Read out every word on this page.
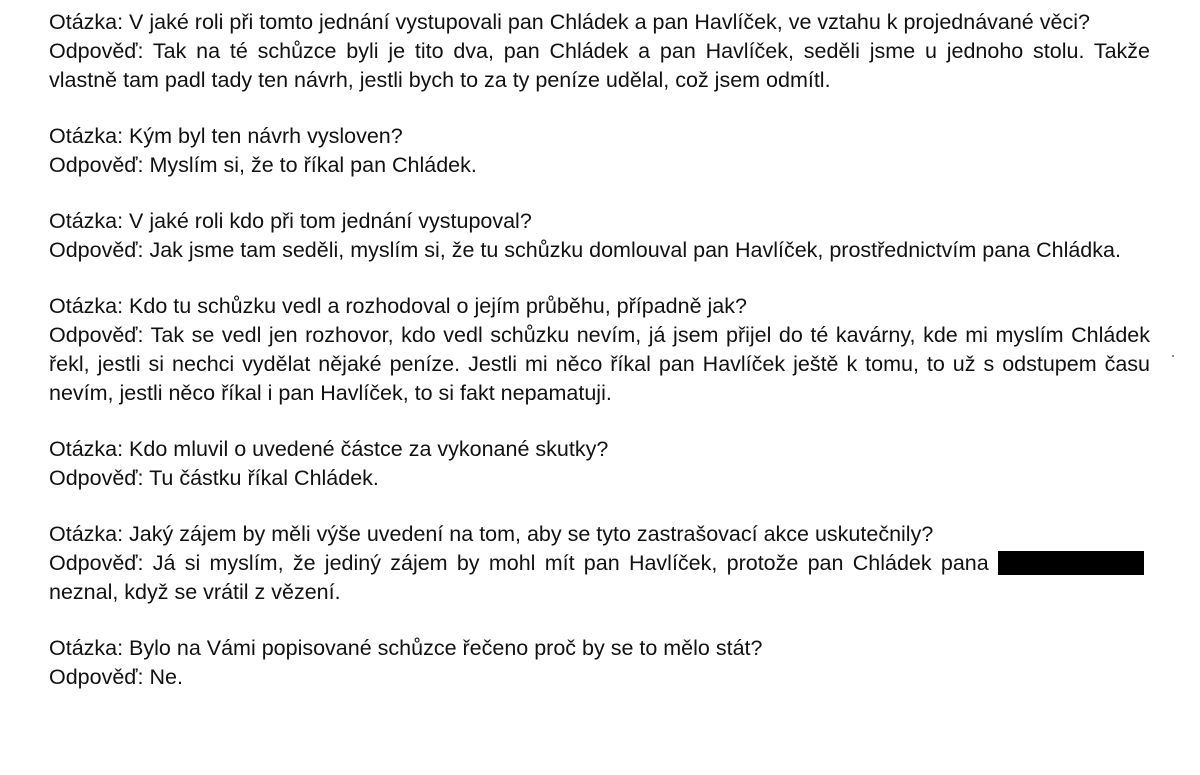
Otázka: V jaké roli při tomto jednání vystupovali pan Chládek a pan Havlíček, ve vztahu k projednávané věci?

Odpověď: Tak na té schůzce byli je tito dva, pan Chládek a pan Havlíček, seděli jsme u jednoho stolu. Takže vlastně tam padl tady ten návrh, jestli bych to za ty peníze udělal, což jsem odmítl.

Otázka: Kým byl ten návrh vysloven?

Odpověď: Myslím si, že to říkal pan Chládek.

Otázka: V jaké roli kdo při tom jednání vystupoval?

Odpověď: Jak jsme tam seděli, myslím si, že tu schůzku domlouval pan Havlíček, prostřednictvím pana Chládka.

Otázka: Kdo tu schůzku vedl a rozhodoval o jejím průběhu, případně jak?

Odpověď: Tak se vedl jen rozhovor, kdo vedl schůzku nevím, já jsem přijel do té kavárny, kde mi myslím Chládek řekl, jestli si nechci vydělat nějaké peníze. Jestli mi něco říkal pan Havlíček ještě k tomu, to už s odstupem času nevím, jestli něco říkal i pan Havlíček, to si fakt nepamatuji.

Otázka: Kdo mluvil o uvedené částce za vykonané skutky?

Odpověď: Tu částku říkal Chládek.

Otázka: Jaký zájem by měli výše uvedení na tom, aby se tyto zastrašovací akce uskutečnily?

Odpověď: Já si myslím, že jediný zájem by mohl mít pan Havlíček, protože pan Chládek pana neznal, když se vrátil z vězení.

Otázka: Bylo na Vámi popisované schůzce řečeno proč by se to mělo stát?

Odpověď: Ne.
